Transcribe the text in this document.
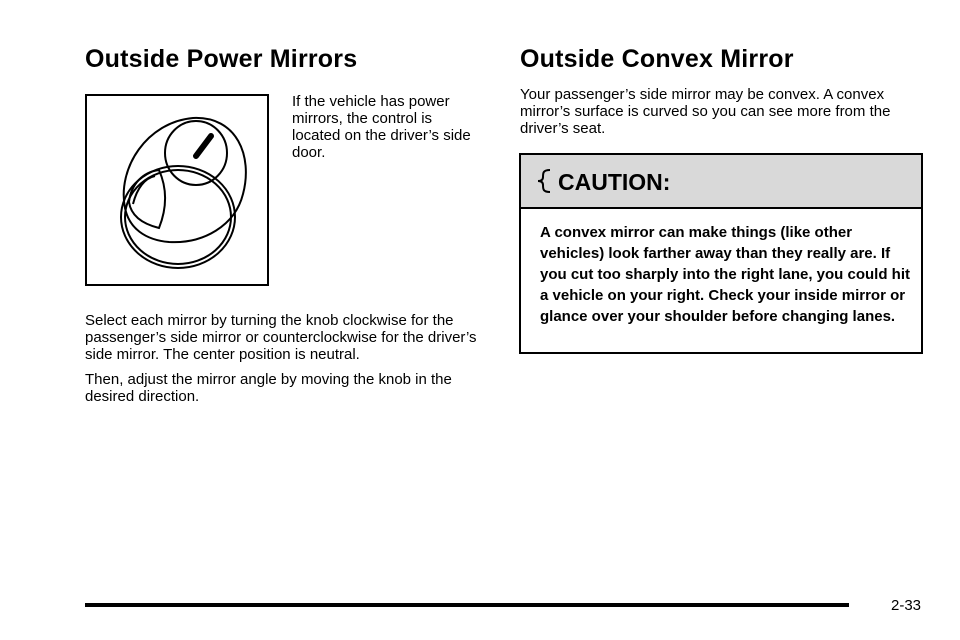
Outside Power Mirrors

If the vehicle has power mirrors, the control is located on the driver’s side door.

Select each mirror by turning the knob clockwise for the passenger’s side mirror or counterclockwise for the driver’s side mirror. The center position is neutral.

Then, adjust the mirror angle by moving the knob in the desired direction.

Outside Convex Mirror

Your passenger’s side mirror may be convex. A convex mirror’s surface is curved so you can see more from the driver’s seat.

CAUTION:

A convex mirror can make things (like other vehicles) look farther away than they really are. If you cut too sharply into the right lane, you could hit a vehicle on your right. Check your inside mirror or glance over your shoulder before changing lanes.

2-33
